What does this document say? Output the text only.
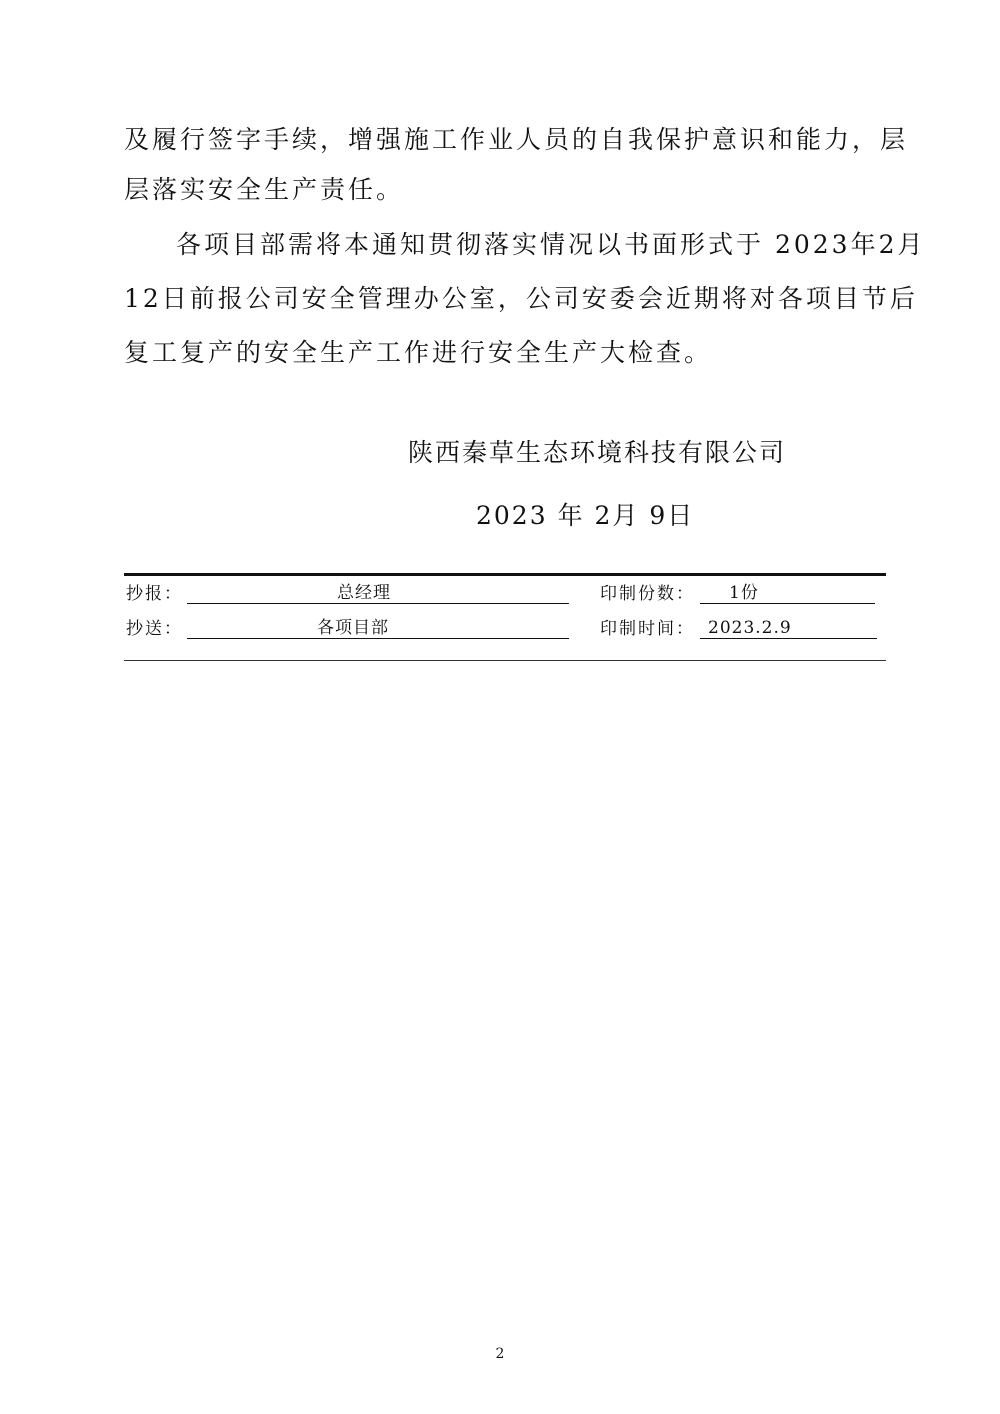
及履行签字手续，增强施工作业人员的自我保护意识和能力，层
层落实安全生产责任。
各项目部需将本通知贯彻落实情况以书面形式于 2023年2月
12日前报公司安全管理办公室，公司安委会近期将对各项目节后
复工复产的安全生产工作进行安全生产大检查。
陕西秦草生态环境科技有限公司
2023 年 2月 9日
抄报：	总经理	印制份数：	1份
抄送：	各项目部	印制时间： 2023.2.9
2
